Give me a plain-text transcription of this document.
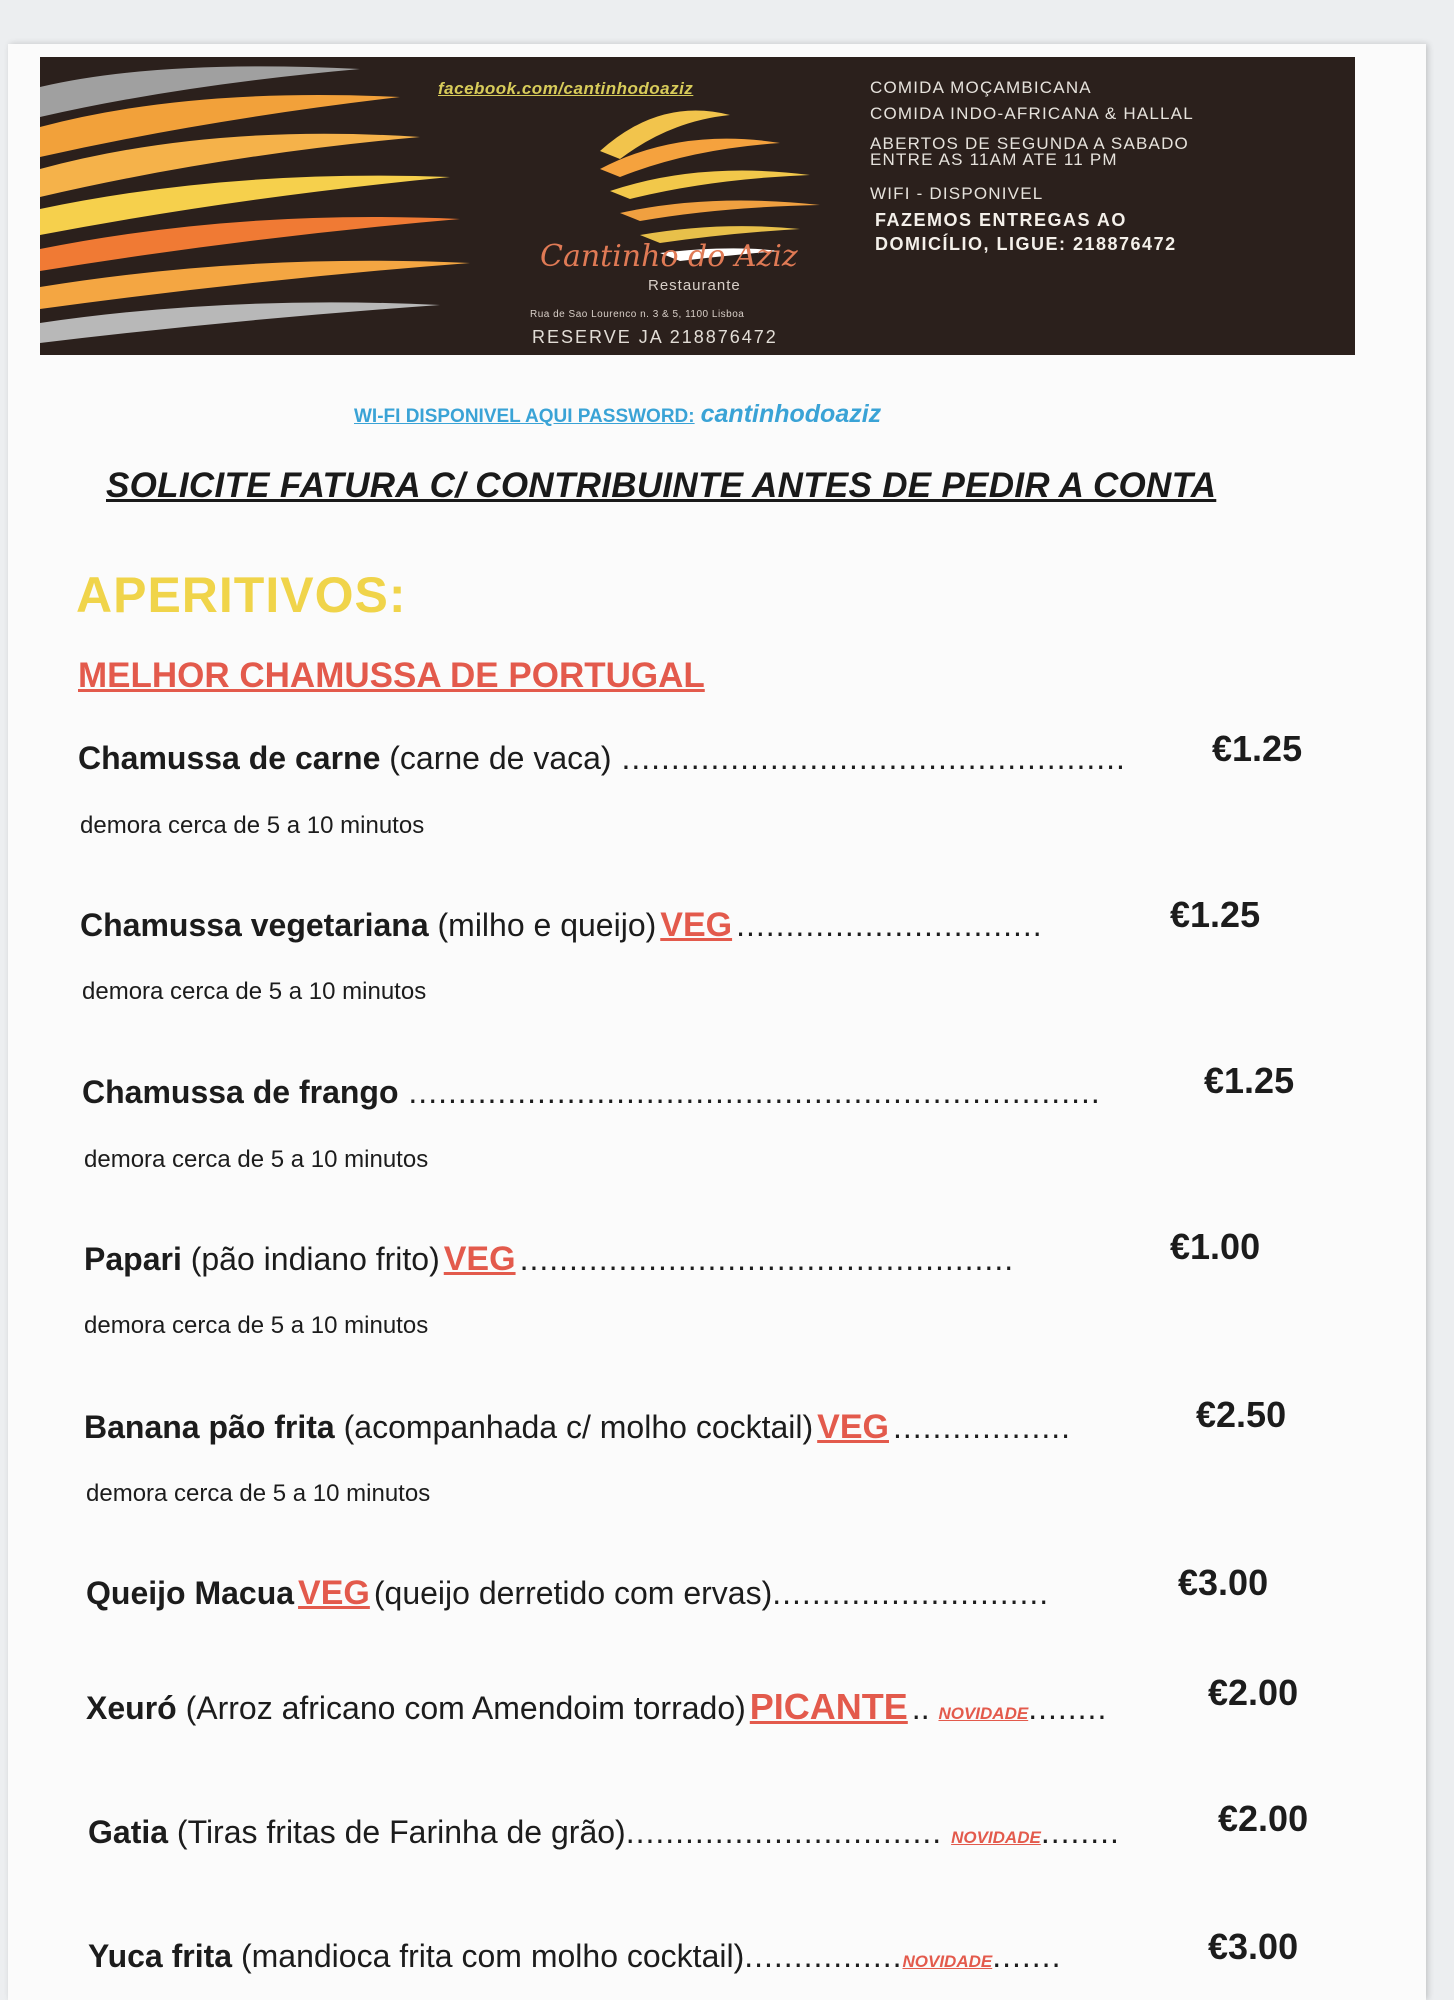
facebook.com/cantinhodoaziz	COMIDA MOÇAMBICANA
COMIDA INDO-AFRICANA & HALLAL
ABERTOS DE SEGUNDA A SABADO
ENTRE AS 11AM ATE 11 PM
WIFI - DISPONIVEL
FAZEMOS ENTREGAS AO
DOMICÍLIO, LIGUE: 218876472
Cantinho do Aziz
Restaurante
Rua de Sao Lourenco n. 3 & 5, 1100 Lisboa
RESERVE JA 218876472
WI-FI DISPONIVEL AQUI PASSWORD: cantinhodoaziz
SOLICITE FATURA C/ CONTRIBUINTE ANTES DE PEDIR A CONTA
APERITIVOS:
MELHOR CHAMUSSA DE PORTUGAL
Chamussa de carne (carne de vaca) ................................................... €1.25
demora cerca de 5 a 10 minutos
Chamussa vegetariana (milho e queijo) VEG ...............................	€1.25
demora cerca de 5 a 10 minutos
Chamussa de frango ......................................................................	€1.25
demora cerca de 5 a 10 minutos
Papari (pão indiano frito) VEG ..................................................	€1.00
demora cerca de 5 a 10 minutos
Banana pão frita (acompanhada c/ molho cocktail) VEG ..................	€2.50
demora cerca de 5 a 10 minutos
Queijo Macua VEG (queijo derretido com ervas)............................	€3.00
Xeuró (Arroz africano com Amendoim torrado) PICANTE .. NOVIDADE........	€2.00
Gatia (Tiras fritas de Farinha de grão)................................ NOVIDADE........	€2.00
Yuca frita (mandioca frita com molho cocktail)................NOVIDADE.......	€3.00
